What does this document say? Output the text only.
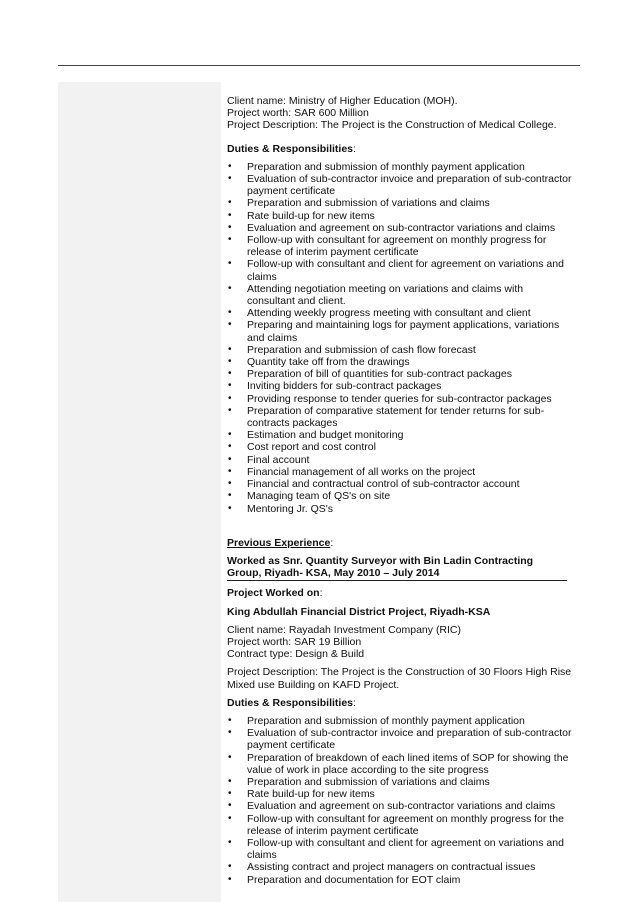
Client name: Ministry of Higher Education (MOH).

Project worth: SAR 600 Million

Project Description: The Project is the Construction of Medical College.

Duties & Responsibilities:

• Preparation and submission of monthly payment application
• Evaluation of sub-contractor invoice and preparation of sub-contractor payment certificate
• Preparation and submission of variations and claims
• Rate build-up for new items
• Evaluation and agreement on sub-contractor variations and claims
• Follow-up with consultant for agreement on monthly progress for release of interim payment certificate
• Follow-up with consultant and client for agreement on variations and claims
• Attending negotiation meeting on variations and claims with consultant and client.
• Attending weekly progress meeting with consultant and client
• Preparing and maintaining logs for payment applications, variations and claims
• Preparation and submission of cash flow forecast
• Quantity take off from the drawings
• Preparation of bill of quantities for sub-contract packages
• Inviting bidders for sub-contract packages
• Providing response to tender queries for sub-contractor packages
• Preparation of comparative statement for tender returns for sub-contracts packages
• Estimation and budget monitoring
• Cost report and cost control
• Final account
• Financial management of all works on the project
• Financial and contractual control of sub-contractor account
• Managing team of QS's on site
• Mentoring Jr. QS's

Previous Experience:

Worked as Snr. Quantity Surveyor with Bin Ladin Contracting

Group, Riyadh- KSA, May 2010 – July 2014

Project Worked on:

King Abdullah Financial District Project, Riyadh-KSA

Client name: Rayadah Investment Company (RIC)

Project worth: SAR 19 Billion

Contract type: Design & Build

Project Description: The Project is the Construction of 30 Floors High Rise Mixed use Building on KAFD Project.

Duties & Responsibilities:

• Preparation and submission of monthly payment application
• Evaluation of sub-contractor invoice and preparation of sub-contractor payment certificate
• Preparation of breakdown of each lined items of SOP for showing the value of work in place according to the site progress
• Preparation and submission of variations and claims
• Rate build-up for new items
• Evaluation and agreement on sub-contractor variations and claims
• Follow-up with consultant for agreement on monthly progress for the release of interim payment certificate
• Follow-up with consultant and client for agreement on variations and claims
• Assisting contract and project managers on contractual issues
• Preparation and documentation for EOT claim
